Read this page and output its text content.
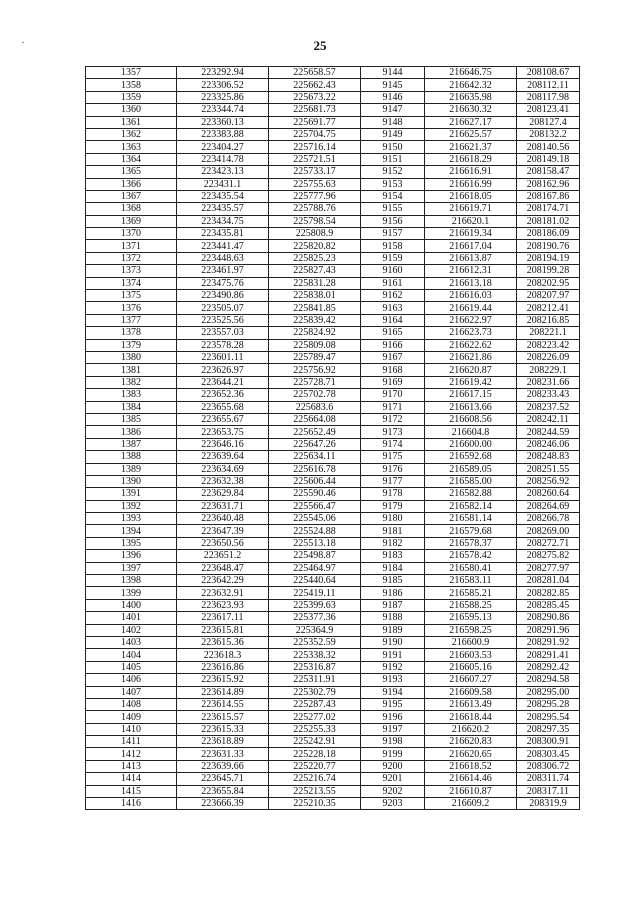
25
1357	223292.94	225658.57	9144	216646.75	208108.67
1358	223306.52	225662.43	9145	216642.32	208112.11
1359	223325.86	225673.22	9146	216635.98	208117.98
1360	223344.74	225681.73	9147	216630.32	208123.41
1361	223360.13	225691.77	9148	216627.17	208127.4
1362	223383.88	225704.75	9149	216625.57	208132.2
1363	223404.27	225716.14	9150	216621.37	208140.56
1364	223414.78	225721.51	9151	216618.29	208149.18
1365	223423.13	225733.17	9152	216616.91	208158.47
1366	223431.1	225755.63	9153	216616.99	208162.96
1367	223435.54	225777.96	9154	216618.05	208167.86
1368	223435.57	225788.76	9155	216619.71	208174.71
1369	223434.75	225798.54	9156	216620.1	208181.02
1370	223435.81	225808.9	9157	216619.34	208186.09
1371	223441.47	225820.82	9158	216617.04	208190.76
1372	223448.63	225825.23	9159	216613.87	208194.19
1373	223461.97	225827.43	9160	216612.31	208199.28
1374	223475.76	225831.28	9161	216613.18	208202.95
1375	223490.86	225838.01	9162	216616.03	208207.97
1376	223505.07	225841.85	9163	216619.44	208212.41
1377	223525.56	225839.42	9164	216622.97	208216.85
1378	223557.03	225824.92	9165	216623.73	208221.1
1379	223578.28	225809.08	9166	216622.62	208223.42
1380	223601.11	225789.47	9167	216621.86	208226.09
1381	223626.97	225756.92	9168	216620.87	208229.1
1382	223644.21	225728.71	9169	216619.42	208231.66
1383	223652.36	225702.78	9170	216617.15	208233.43
1384	223655.68	225683.6	9171	216613.66	208237.52
1385	223655.67	225664.08	9172	216608.56	208242.11
1386	223653.75	225652.49	9173	216604.8	208244.59
1387	223646.16	225647.26	9174	216600.00	208246.06
1388	223639.64	225634.11	9175	216592.68	208248.83
1389	223634.69	225616.78	9176	216589.05	208251.55
1390	223632.38	225606.44	9177	216585.00	208256.92
1391	223629.84	225590.46	9178	216582.88	208260.64
1392	223631.71	225566.47	9179	216582.14	208264.69
1393	223640.48	225545.06	9180	216581.14	208266.78
1394	223647.39	225524.88	9181	216579.68	208269.00
1395	223650.56	225513.18	9182	216578.37	208272.71
1396	223651.2	225498.87	9183	216578.42	208275.82
1397	223648.47	225464.97	9184	216580.41	208277.97
1398	223642.29	225440.64	9185	216583.11	208281.04
1399	223632.91	225419.11	9186	216585.21	208282.85
1400	223623.93	225399.63	9187	216588.25	208285.45
1401	223617.11	225377.36	9188	216595.13	208290.86
1402	223615.81	225364.9	9189	216598.25	208291.96
1403	223615.36	225352.59	9190	216600.9	208291.92
1404	223618.3	225338.32	9191	216603.53	208291.41
1405	223616.86	225316.87	9192	216605.16	208292.42
1406	223615.92	225311.91	9193	216607.27	208294.58
1407	223614.89	225302.79	9194	216609.58	208295.00
1408	223614.55	225287.43	9195	216613.49	208295.28
1409	223615.57	225277.02	9196	216618.44	208295.54
1410	223615.33	225255.33	9197	216620.2	208297.35
1411	223618.89	225242.91	9198	216620.83	208300.91
1412	223631.33	225228.18	9199	216620.65	208303.45
1413	223639.66	225220.77	9200	216618.52	208306.72
1414	223645.71	225216.74	9201	216614.46	208311.74
1415	223655.84	225213.55	9202	216610.87	208317.11
1416	223666.39	225210.35	9203	216609.2	208319.9
